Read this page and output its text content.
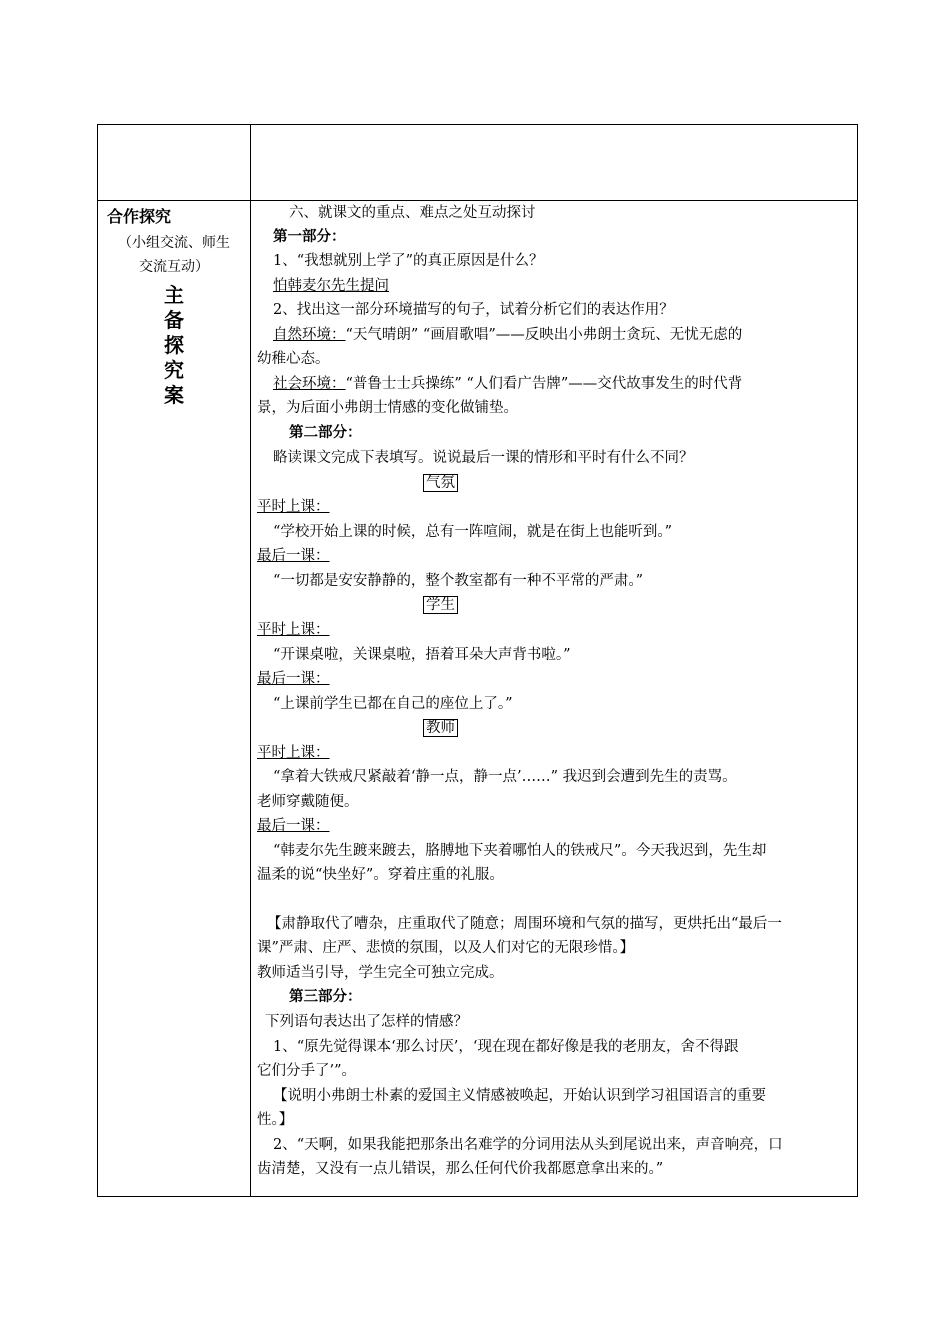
合作探究
（小组交流、师生
交流互动）
主
备
探
究
案
六、就课文的重点、难点之处互动探讨
第一部分：
1、“我想就别上学了”的真正原因是什么？
怕韩麦尔先生提问
2、找出这一部分环境描写的句子，试着分析它们的表达作用？
自然环境：“天气晴朗” “画眉歌唱”——反映出小弗朗士贪玩、无忧无虑的
幼稚心态。
社会环境：“普鲁士士兵操练” “人们看广告牌”——交代故事发生的时代背
景，为后面小弗朗士情感的变化做铺垫。
第二部分：
略读课文完成下表填写。说说最后一课的情形和平时有什么不同？
气氛
平时上课：
“学校开始上课的时候，总有一阵喧闹，就是在街上也能听到。”
最后一课：
“一切都是安安静静的，整个教室都有一种不平常的严肃。”
学生
平时上课：
“开课桌啦，关课桌啦，捂着耳朵大声背书啦。”
最后一课：
“上课前学生已都在自己的座位上了。”
教师
平时上课：
“拿着大铁戒尺紧敲着‘静一点，静一点’……” 我迟到会遭到先生的责骂。
老师穿戴随便。
最后一课：
“韩麦尔先生踱来踱去，胳膊地下夹着哪怕人的铁戒尺”。今天我迟到，先生却
温柔的说“快坐好”。穿着庄重的礼服。
【肃静取代了嘈杂，庄重取代了随意；周围环境和气氛的描写，更烘托出“最后一
课”严肃、庄严、悲愤的氛围，以及人们对它的无限珍惜。】
教师适当引导，学生完全可独立完成。
第三部分：
下列语句表达出了怎样的情感？
1、“原先觉得课本‘那么讨厌’，‘现在现在都好像是我的老朋友，舍不得跟
它们分手了’”。
【说明小弗朗士朴素的爱国主义情感被唤起，开始认识到学习祖国语言的重要
性。】
2、“天啊，如果我能把那条出名难学的分词用法从头到尾说出来，声音响亮，口
齿清楚，又没有一点儿错误，那么任何代价我都愿意拿出来的。”
